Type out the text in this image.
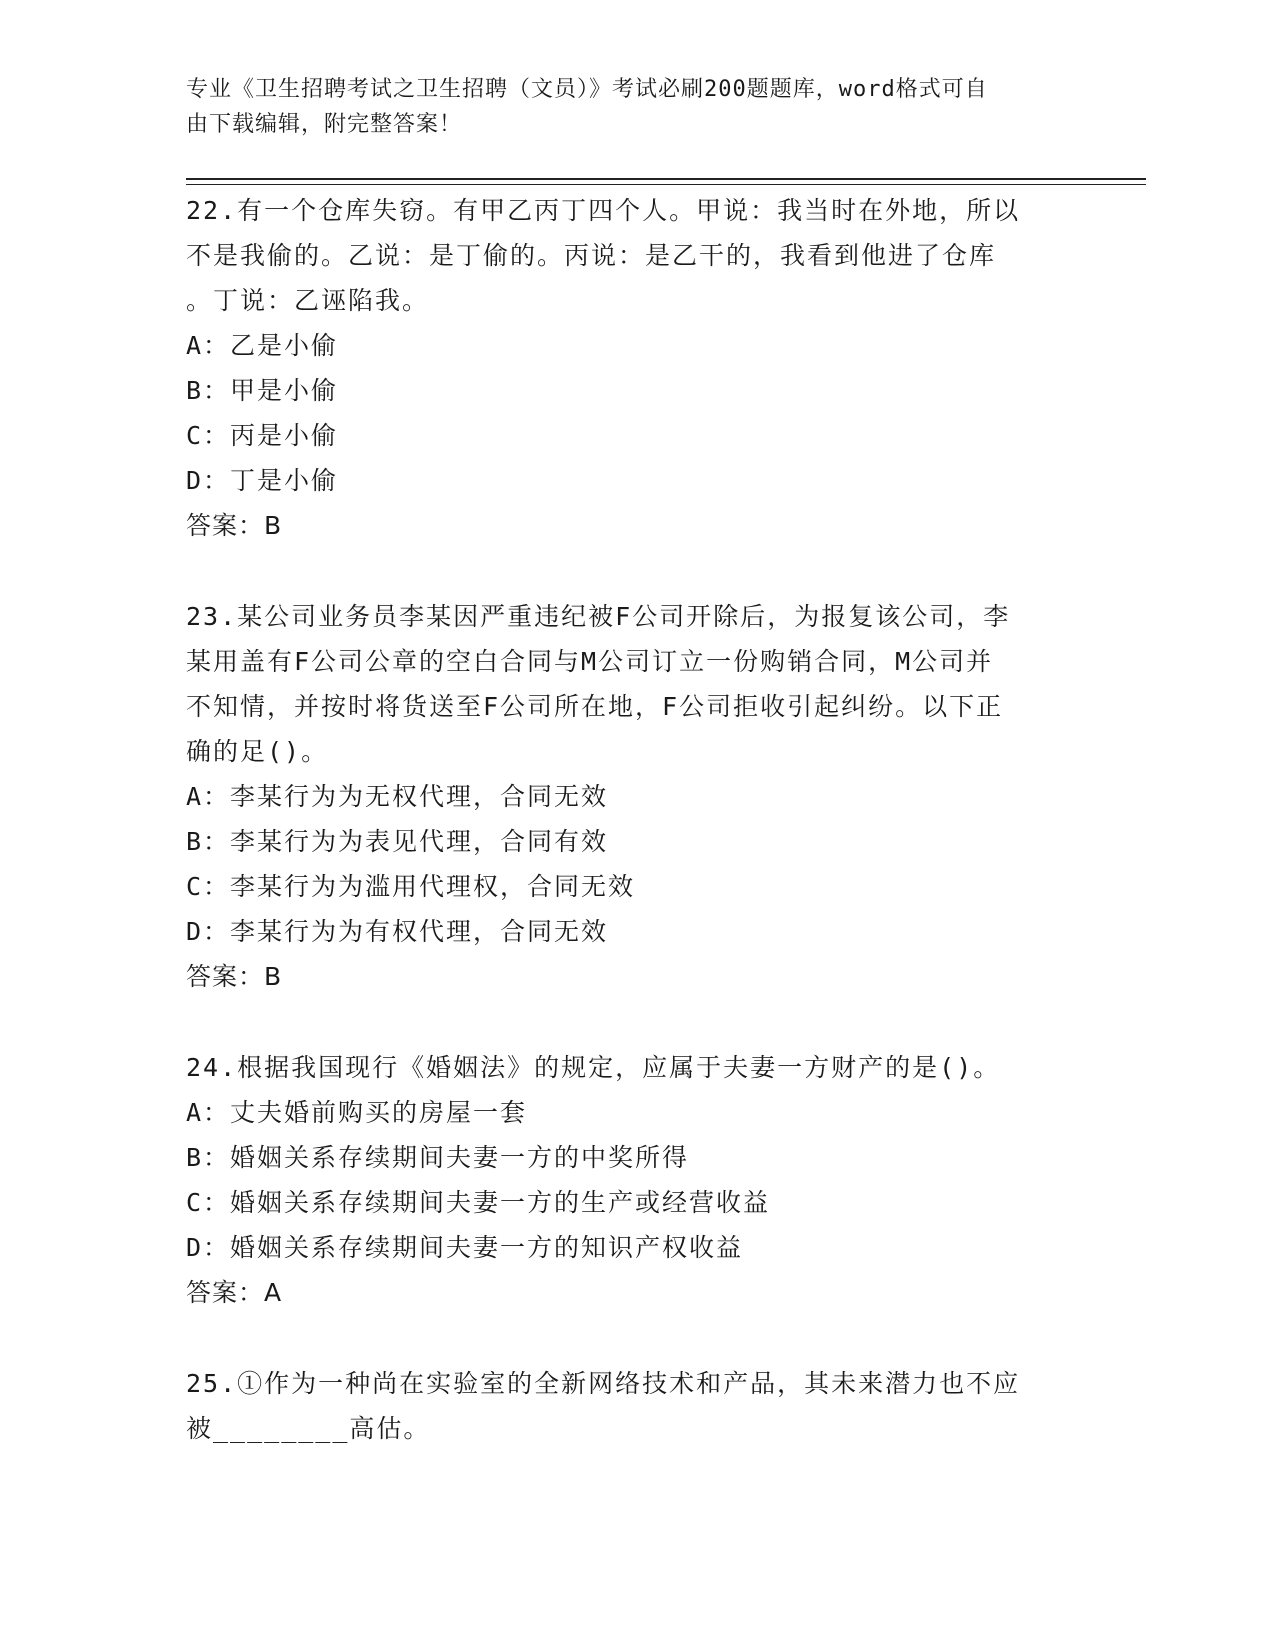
专业《卫生招聘考试之卫生招聘（文员）》考试必刷200题题库，word格式可自
由下载编辑，附完整答案！
22.有一个仓库失窃。有甲乙丙丁四个人。甲说：我当时在外地，所以
不是我偷的。乙说：是丁偷的。丙说：是乙干的，我看到他进了仓库
。丁说：乙诬陷我。
A：乙是小偷
B：甲是小偷
C：丙是小偷
D：丁是小偷
答案：B
23.某公司业务员李某因严重违纪被F公司开除后，为报复该公司，李
某用盖有F公司公章的空白合同与M公司订立一份购销合同，M公司并
不知情，并按时将货送至F公司所在地，F公司拒收引起纠纷。以下正
确的足()。
A：李某行为为无权代理，合同无效
B：李某行为为表见代理，合同有效
C：李某行为为滥用代理权，合同无效
D：李某行为为有权代理，合同无效
答案：B
24.根据我国现行《婚姻法》的规定，应属于夫妻一方财产的是()。
A：丈夫婚前购买的房屋一套
B：婚姻关系存续期间夫妻一方的中奖所得
C：婚姻关系存续期间夫妻一方的生产或经营收益
D：婚姻关系存续期间夫妻一方的知识产权收益
答案：A
25.①作为一种尚在实验室的全新网络技术和产品，其未来潜力也不应
被________高估。
